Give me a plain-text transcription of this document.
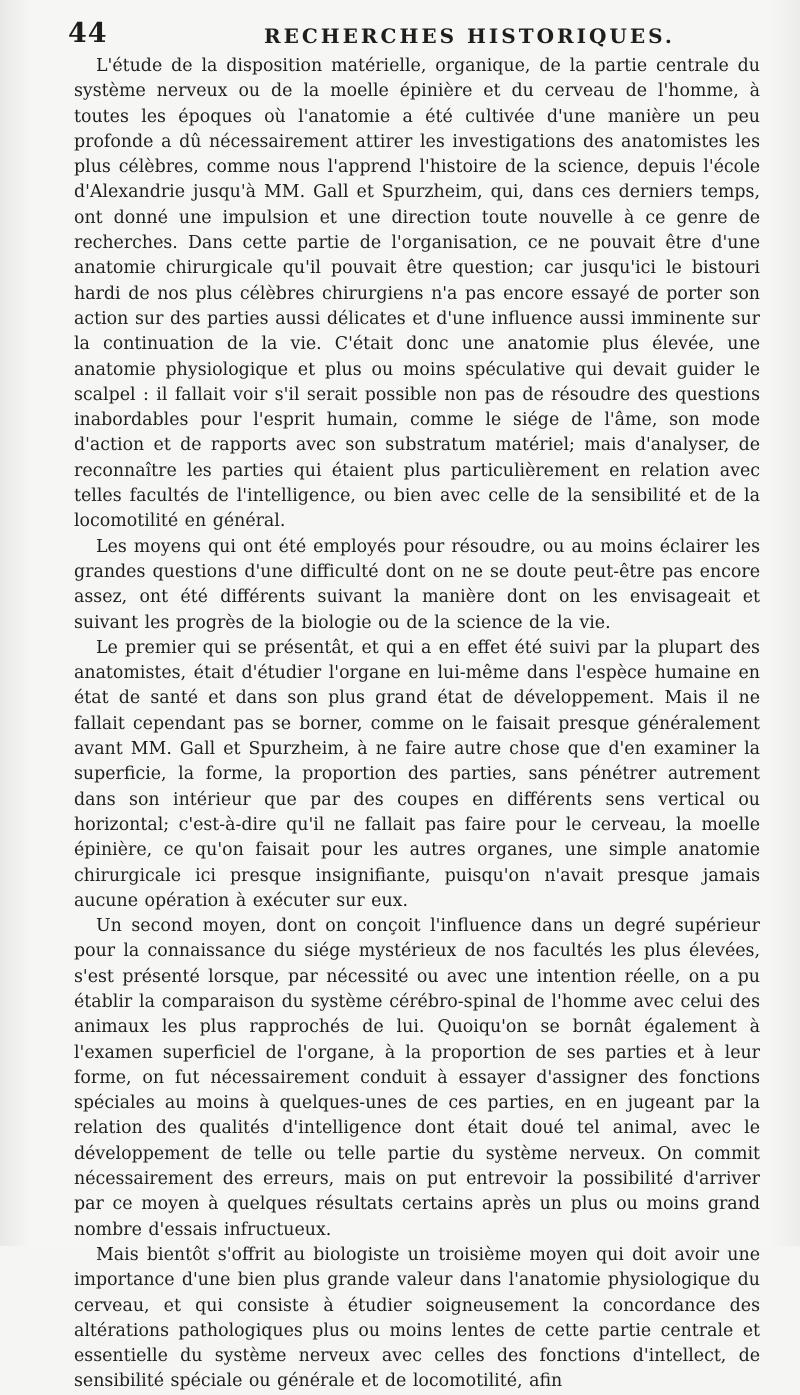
44	RECHERCHES HISTORIQUES.

L'étude de la disposition matérielle, organique, de la partie centrale du système nerveux ou de la moelle épinière et du cerveau de l'homme, à toutes les époques où l'anatomie a été cultivée d'une manière un peu profonde a dû nécessairement attirer les investigations des anatomistes les plus célèbres, comme nous l'apprend l'histoire de la science, depuis l'école d'Alexandrie jusqu'à MM. Gall et Spurzheim, qui, dans ces derniers temps, ont donné une impulsion et une direction toute nouvelle à ce genre de recherches. Dans cette partie de l'organisation, ce ne pouvait être d'une anatomie chirurgicale qu'il pouvait être question; car jusqu'ici le bistouri hardi de nos plus célèbres chirurgiens n'a pas encore essayé de porter son action sur des parties aussi délicates et d'une influence aussi imminente sur la continuation de la vie. C'était donc une anatomie plus élevée, une anatomie physiologique et plus ou moins spéculative qui devait guider le scalpel : il fallait voir s'il serait possible non pas de résoudre des questions inabordables pour l'esprit humain, comme le siége de l'âme, son mode d'action et de rapports avec son substratum matériel; mais d'analyser, de reconnaître les parties qui étaient plus particulièrement en relation avec telles facultés de l'intelligence, ou bien avec celle de la sensibilité et de la locomotilité en général.

Les moyens qui ont été employés pour résoudre, ou au moins éclairer les grandes questions d'une difficulté dont on ne se doute peut-être pas encore assez, ont été différents suivant la manière dont on les envisageait et suivant les progrès de la biologie ou de la science de la vie.

Le premier qui se présentât, et qui a en effet été suivi par la plupart des anatomistes, était d'étudier l'organe en lui-même dans l'espèce humaine en état de santé et dans son plus grand état de développement. Mais il ne fallait cependant pas se borner, comme on le faisait presque généralement avant MM. Gall et Spurzheim, à ne faire autre chose que d'en examiner la superficie, la forme, la proportion des parties, sans pénétrer autrement dans son intérieur que par des coupes en différents sens vertical ou horizontal; c'est-à-dire qu'il ne fallait pas faire pour le cerveau, la moelle épinière, ce qu'on faisait pour les autres organes, une simple anatomie chirurgicale ici presque insignifiante, puisqu'on n'avait presque jamais aucune opération à exécuter sur eux.

Un second moyen, dont on conçoit l'influence dans un degré supérieur pour la connaissance du siége mystérieux de nos facultés les plus élevées, s'est présenté lorsque, par nécessité ou avec une intention réelle, on a pu établir la comparaison du système cérébro-spinal de l'homme avec celui des animaux les plus rapprochés de lui. Quoiqu'on se bornât également à l'examen superficiel de l'organe, à la proportion de ses parties et à leur forme, on fut nécessairement conduit à essayer d'assigner des fonctions spéciales au moins à quelques-unes de ces parties, en en jugeant par la relation des qualités d'intelligence dont était doué tel animal, avec le développement de telle ou telle partie du système nerveux. On commit nécessairement des erreurs, mais on put entrevoir la possibilité d'arriver par ce moyen à quelques résultats certains après un plus ou moins grand nombre d'essais infructueux.

Mais bientôt s'offrit au biologiste un troisième moyen qui doit avoir une importance d'une bien plus grande valeur dans l'anatomie physiologique du cerveau, et qui consiste à étudier soigneusement la concordance des altérations pathologiques plus ou moins lentes de cette partie centrale et essentielle du système nerveux avec celles des fonctions d'intellect, de sensibilité spéciale ou générale et de locomotilité, afin
